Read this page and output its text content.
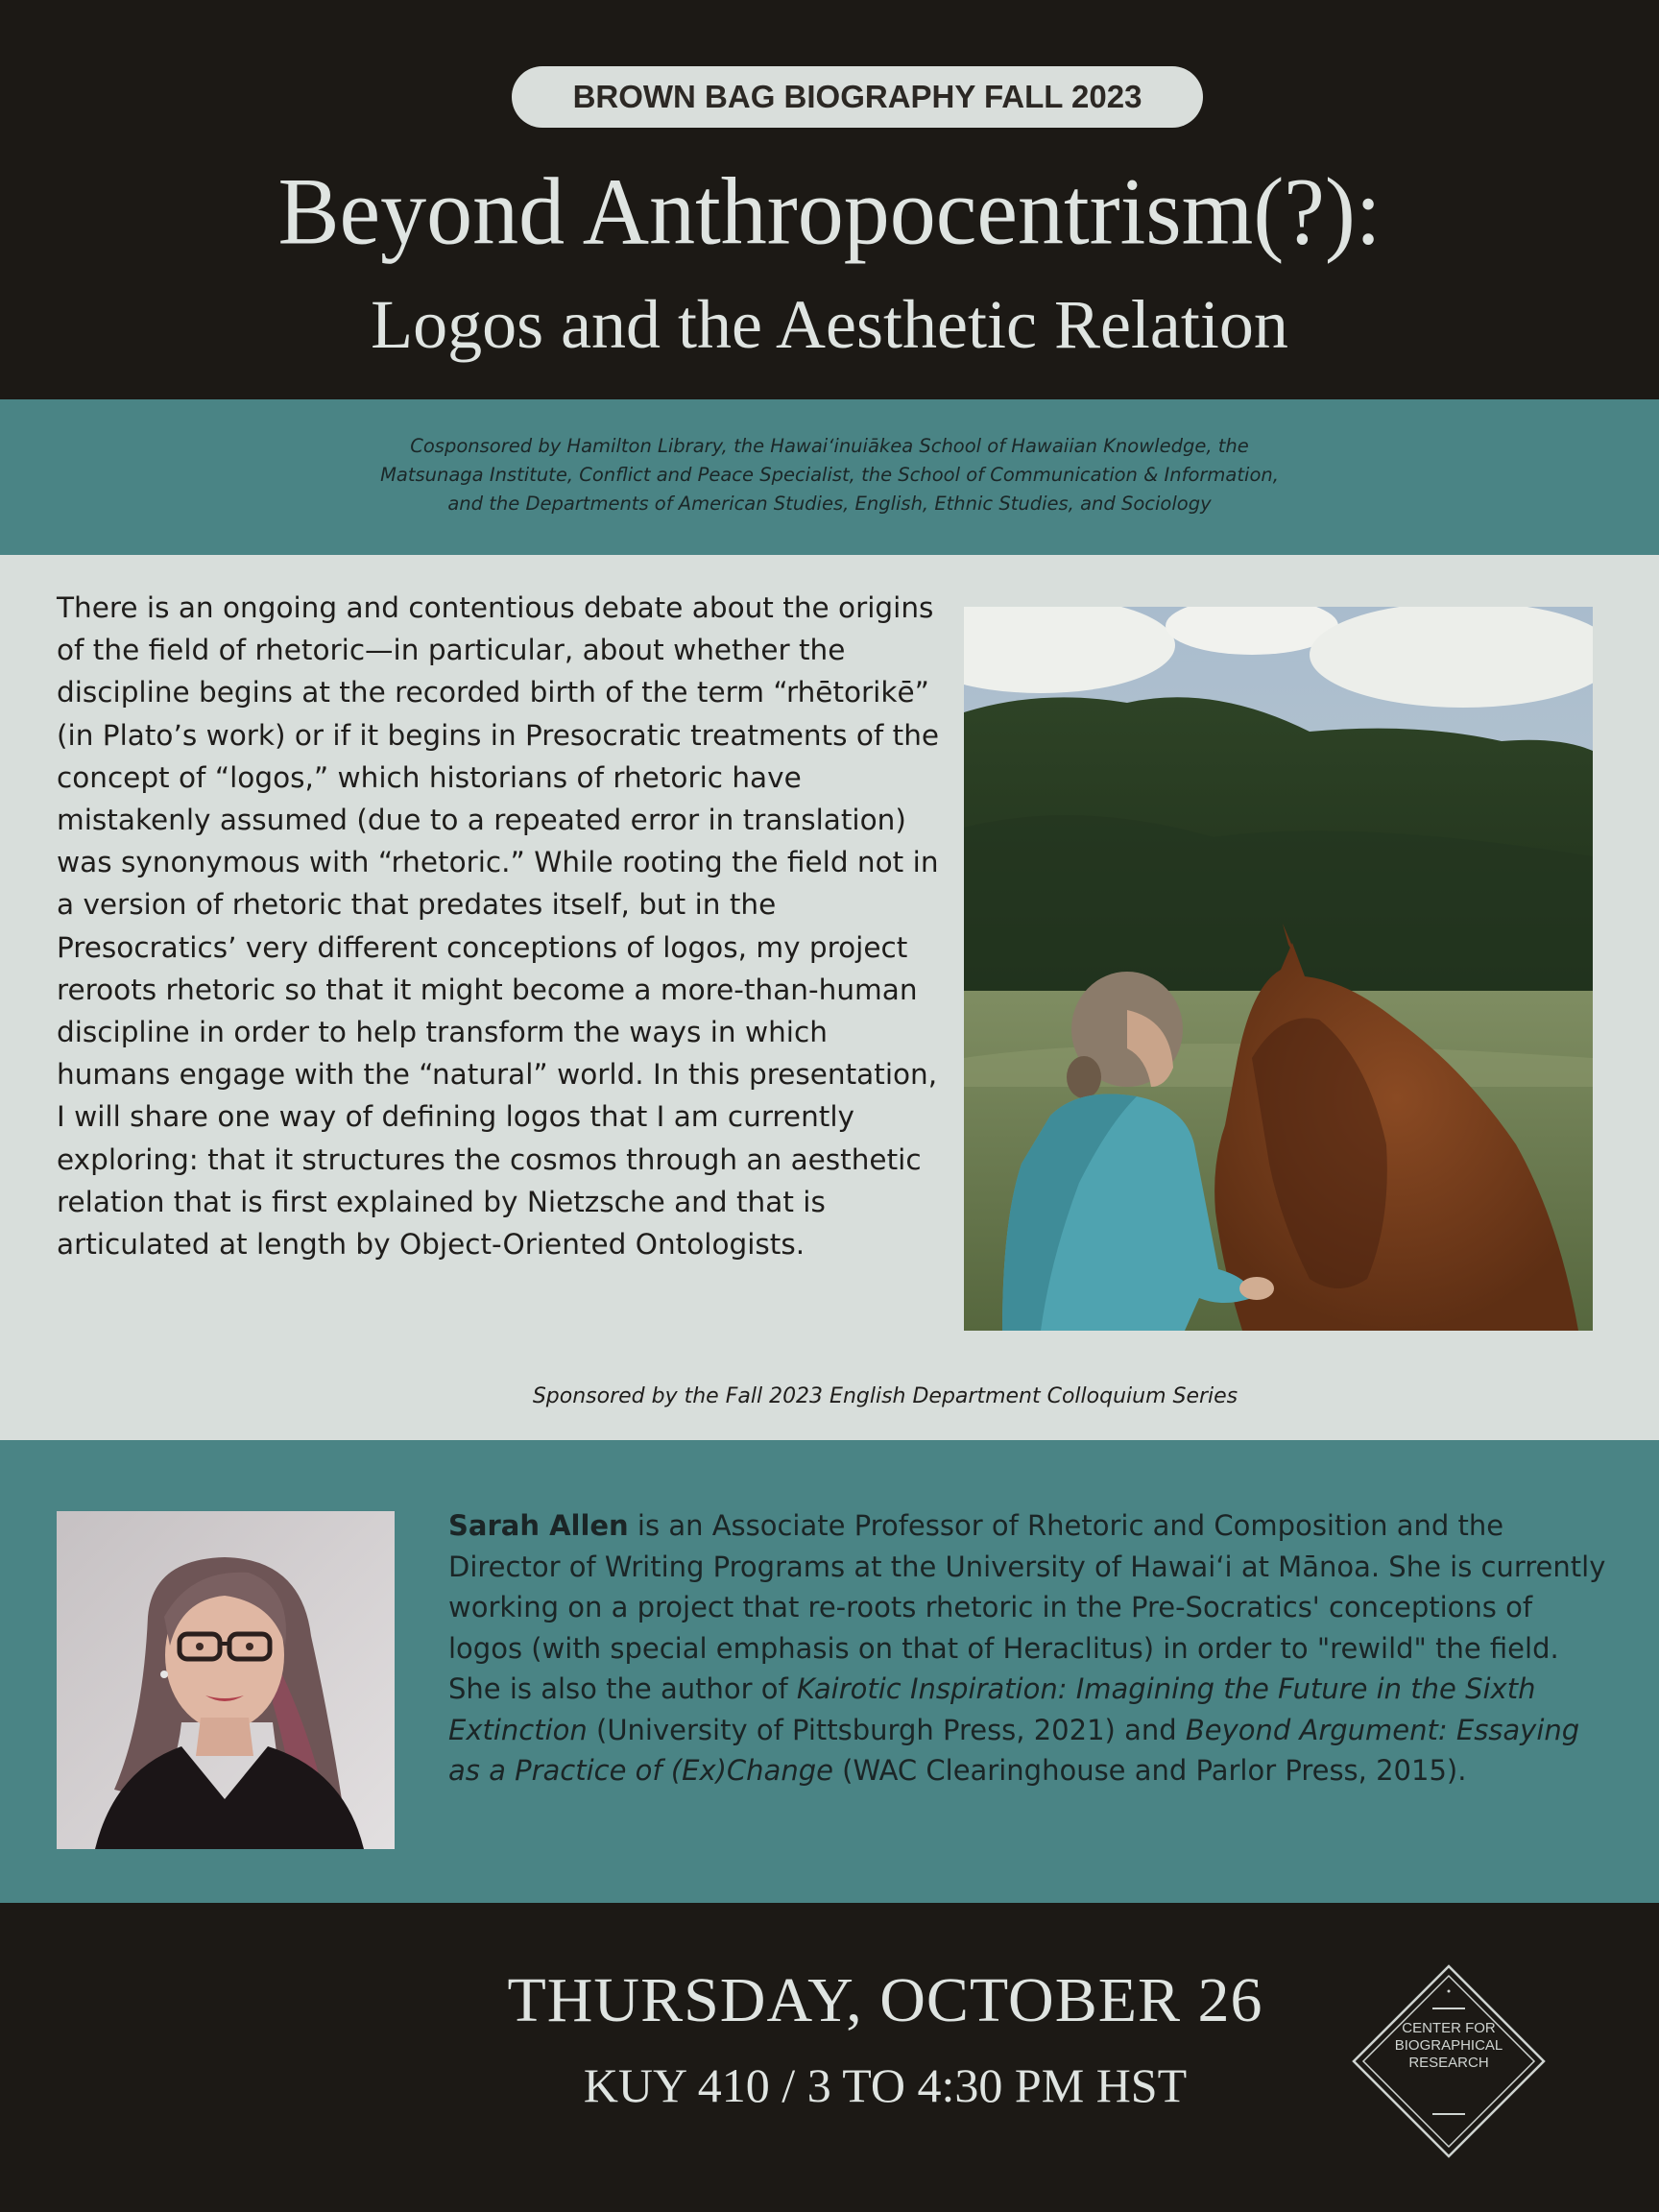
BROWN BAG BIOGRAPHY FALL 2023
Beyond Anthropocentrism(?):
Logos and the Aesthetic Relation
Cosponsored by Hamilton Library, the Hawaiʻinuiākea School of Hawaiian Knowledge, the
Matsunaga Institute, Conflict and Peace Specialist, the School of Communication & Information,
and the Departments of American Studies, English, Ethnic Studies, and Sociology
There is an ongoing and contentious debate about the origins of the field of rhetoric—in particular, about whether the discipline begins at the recorded birth of the term “rhētorikē” (in Plato’s work) or if it begins in Presocratic treatments of the concept of “logos,” which historians of rhetoric have mistakenly assumed (due to a repeated error in translation) was synonymous with “rhetoric.” While rooting the field not in a version of rhetoric that predates itself, but in the Presocratics’ very different conceptions of logos, my project reroots rhetoric so that it might become a more-than-human discipline in order to help transform the ways in which humans engage with the “natural” world. In this presentation, I will share one way of defining logos that I am currently exploring: that it structures the cosmos through an aesthetic relation that is first explained by Nietzsche and that is articulated at length by Object-Oriented Ontologists.
Sponsored by the Fall 2023 English Department Colloquium Series
Sarah Allen is an Associate Professor of Rhetoric and Composition and the Director of Writing Programs at the University of Hawaiʻi at Mānoa. She is currently working on a project that re-roots rhetoric in the Pre-Socratics' conceptions of logos (with special emphasis on that of Heraclitus) in order to "rewild" the field. She is also the author of Kairotic Inspiration: Imagining the Future in the Sixth Extinction (University of Pittsburgh Press, 2021) and Beyond Argument: Essaying as a Practice of (Ex)Change (WAC Clearinghouse and Parlor Press, 2015).
THURSDAY, OCTOBER 26
KUY 410 / 3 TO 4:30 PM HST
CENTER FOR
BIOGRAPHICAL
RESEARCH
